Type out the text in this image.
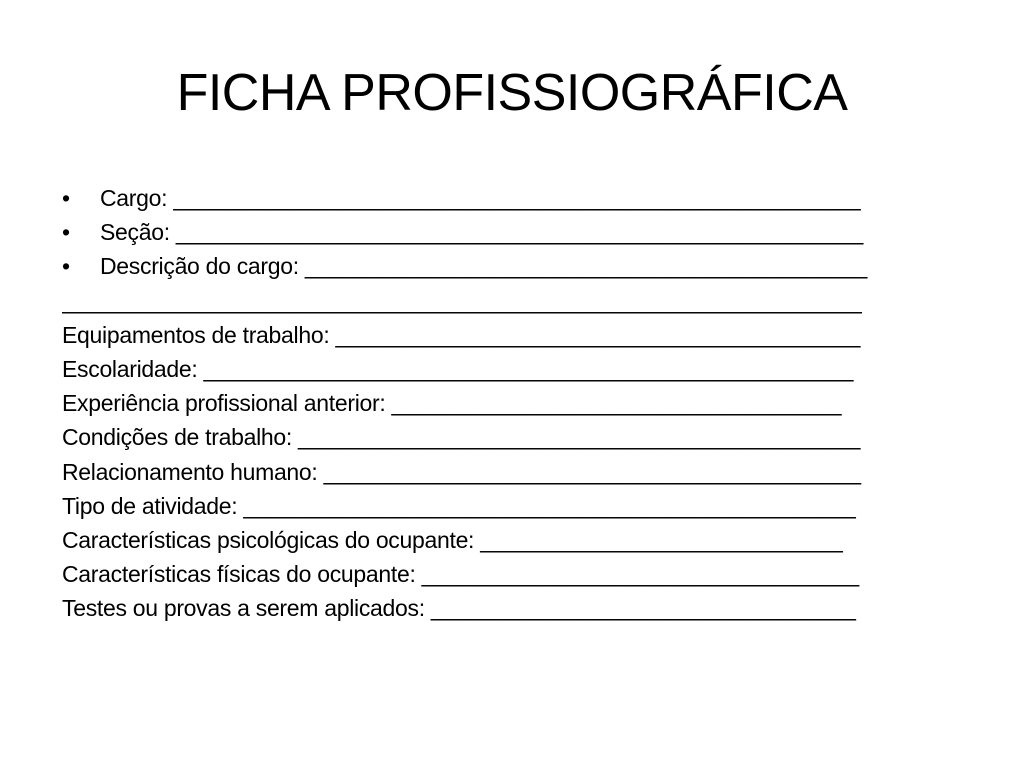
FICHA PROFISSIOGRÁFICA
•	Cargo: _______________________________________________________
•	Seção: _______________________________________________________
•	Descrição do cargo: _____________________________________________
________________________________________________________________
Equipamentos de trabalho: __________________________________________
Escolaridade: ____________________________________________________
Experiência profissional anterior: ____________________________________
Condições de trabalho: _____________________________________________
Relacionamento humano: ___________________________________________
Tipo de atividade: _________________________________________________
Características psicológicas do ocupante: _____________________________
Características físicas do ocupante: ___________________________________
Testes ou provas a serem aplicados: __________________________________
